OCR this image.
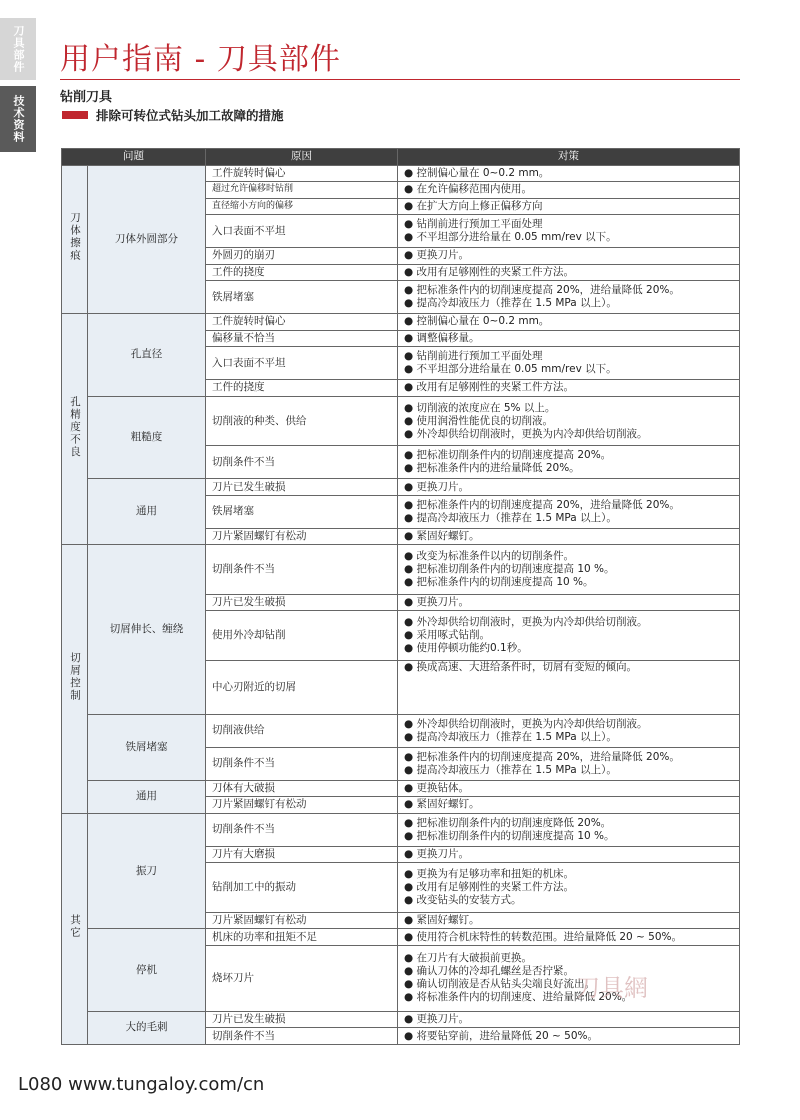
刀具部件
技术资料
用户指南 - 刀具部件
钻削刀具
排除可转位式钻头加工故障的措施
问题		原因	对策
刀体擦痕	刀体外圆部分	工件旋转时偏心	● 控制偏心量在 0~0.2 mm。

		超过允许偏移时钻削	● 在允许偏移范围内使用。

		直径缩小方向的偏移	● 在扩大方向上修正偏移方向

		入口表面不平坦	● 钻削前进行预加工平面处理
● 不平坦部分进给量在 0.05 mm/rev 以下。

		外圆刃的崩刃	● 更换刀片。

		工件的挠度	● 改用有足够刚性的夹紧工件方法。

		铁屑堵塞	● 把标准条件内的切削速度提高 20%，进给量降低 20%。
● 提高冷却液压力（推荐在 1.5 MPa 以上）。

孔精度不良	孔直径	工件旋转时偏心	● 控制偏心量在 0~0.2 mm。

		偏移量不恰当	● 调整偏移量。

		入口表面不平坦	● 钻削前进行预加工平面处理
● 不平坦部分进给量在 0.05 mm/rev 以下。

		工件的挠度	● 改用有足够刚性的夹紧工件方法。

	粗糙度	切削液的种类、供给	● 切削液的浓度应在 5% 以上。
● 使用润滑性能优良的切削液。
● 外冷却供给切削液时，更换为内冷却供给切削液。

		切削条件不当	● 把标准切削条件内的切削速度提高 20%。
● 把标准条件内的进给量降低 20%。

	通用	刀片已发生破损	● 更换刀片。

		铁屑堵塞	● 把标准条件内的切削速度提高 20%，进给量降低 20%。
● 提高冷却液压力（推荐在 1.5 MPa 以上）。

		刀片紧固螺钉有松动	● 紧固好螺钉。

切屑控制	切屑伸长、缠绕	切削条件不当	● 改变为标准条件以内的切削条件。
● 把标准切削条件内的切削速度提高 10 %。
● 把标准条件内的切削速度提高 10 %。

		刀片已发生破损	● 更换刀片。

		使用外冷却钻削	● 外冷却供给切削液时，更换为内冷却供给切削液。
● 采用啄式钻削。
● 使用停顿功能约0.1秒。

		中心刃附近的切屑	● 换成高速、大进给条件时，切屑有变短的倾向。

	铁屑堵塞	切削液供给	● 外冷却供给切削液时，更换为内冷却供给切削液。
● 提高冷却液压力（推荐在 1.5 MPa 以上）。

		切削条件不当	● 把标准条件内的切削速度提高 20%，进给量降低 20%。
● 提高冷却液压力（推荐在 1.5 MPa 以上）。

	通用	刀体有大破损	● 更换钻体。

		刀片紧固螺钉有松动	● 紧固好螺钉。

其它	振刀	切削条件不当	● 把标准切削条件内的切削速度降低 20%。
● 把标准切削条件内的切削速度提高 10 %。

		刀片有大磨损	● 更换刀片。

		钻削加工中的振动	● 更换为有足够功率和扭矩的机床。
● 改用有足够刚性的夹紧工件方法。
● 改变钻头的安装方式。

		刀片紧固螺钉有松动	● 紧固好螺钉。

	停机	机床的功率和扭矩不足	● 使用符合机床特性的转数范围。进给量降低 20 ~ 50%。

		烧坏刀片	● 在刀片有大破损前更换。
● 确认刀体的冷却孔螺丝是否拧紧。
● 确认切削液是否从钻头尖端良好流出。
● 将标准条件内的切削速度、进给量降低 20%。

	大的毛刺	刀片已发生破损	● 更换刀片。

		切削条件不当	● 将要钻穿前，进给量降低 20 ~ 50%。
刀具網
L080 www.tungaloy.com/cn
